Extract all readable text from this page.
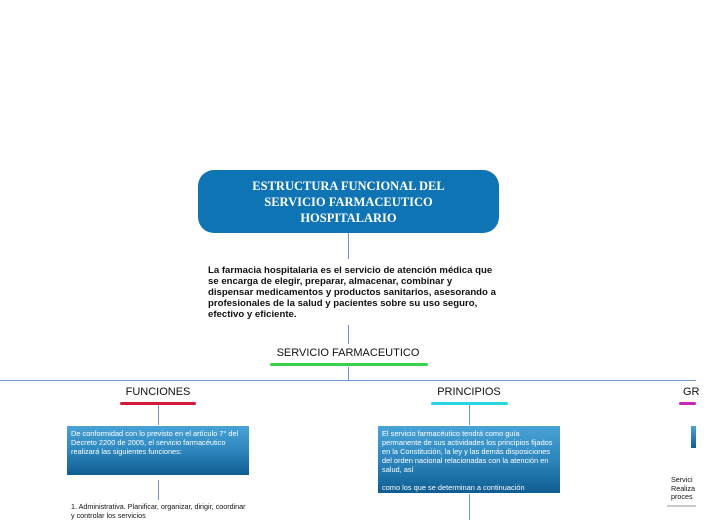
ESTRUCTURA FUNCIONAL DEL SERVICIO FARMACEUTICO HOSPITALARIO
La farmacia hospitalaria es el servicio de atención médica que se encarga de elegir, preparar, almacenar, combinar y dispensar medicamentos y productos sanitarios, asesorando a profesionales de la salud y pacientes sobre su uso seguro, efectivo y eficiente.
SERVICIO FARMACEUTICO
FUNCIONES
De conformidad con lo previsto en el artículo 7° del
Decreto 2200 de 2005, el servicio farmacéutico realizará las siguientes funciones:
1. Administrativa. Planificar, organizar, dirigir, coordinar y controlar los servicios
PRINCIPIOS
El servicio farmacéutico tendrá como guía permanente de sus actividades los principios fijados en la Constitución, la ley y las demás disposiciones del orden nacional relacionadas con la atención en salud, así

como los que se determinan a continuación
GR
Servici
Realiza
proces
